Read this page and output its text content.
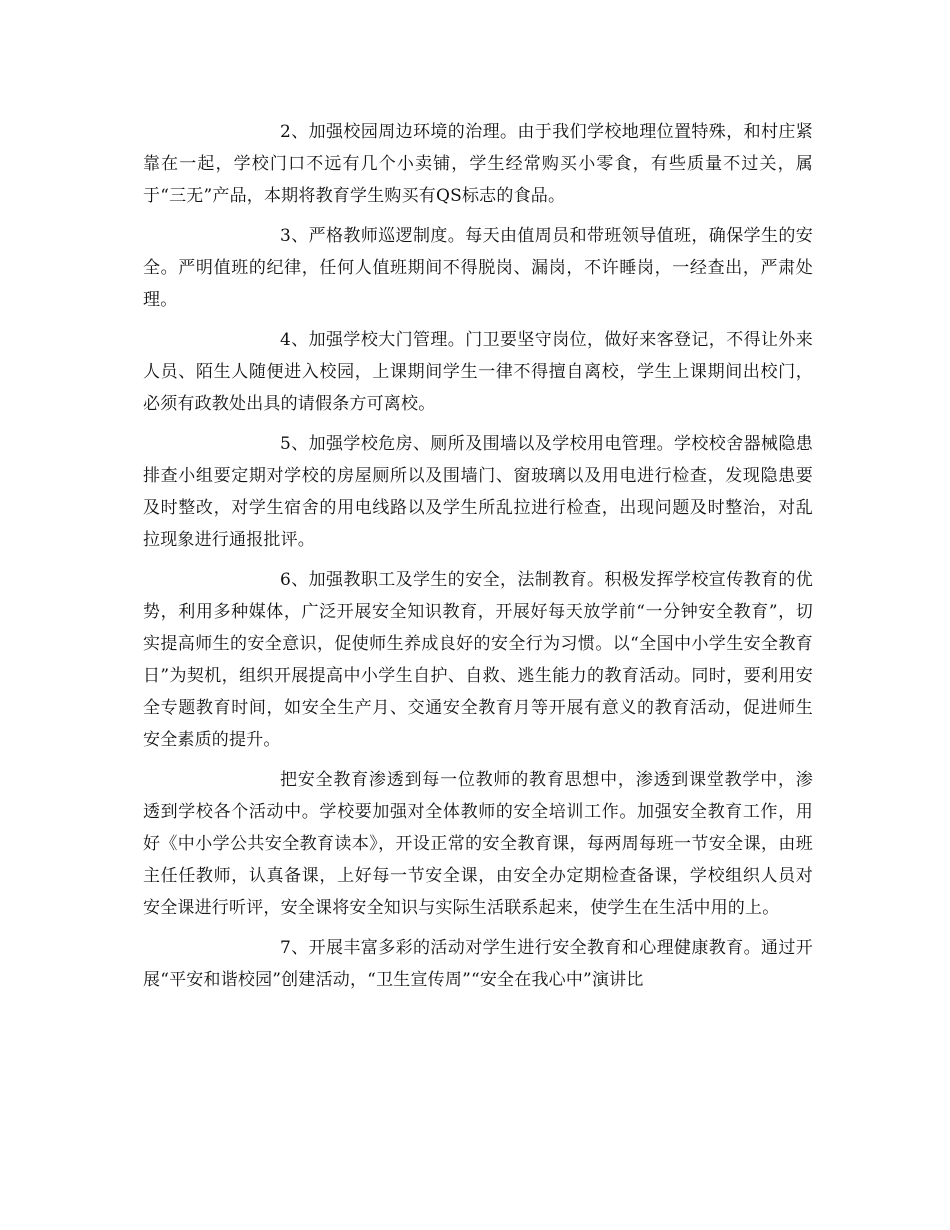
2、加强校园周边环境的治理。由于我们学校地理位置特殊，和村庄紧靠在一起，学校门口不远有几个小卖铺，学生经常购买小零食，有些质量不过关，属于“三无”产品，本期将教育学生购买有QS标志的食品。

3、严格教师巡逻制度。每天由值周员和带班领导值班，确保学生的安全。严明值班的纪律，任何人值班期间不得脱岗、漏岗，不许睡岗，一经查出，严肃处理。

4、加强学校大门管理。门卫要坚守岗位，做好来客登记，不得让外来人员、陌生人随便进入校园，上课期间学生一律不得擅自离校，学生上课期间出校门，必须有政教处出具的请假条方可离校。

5、加强学校危房、厕所及围墙以及学校用电管理。学校校舍器械隐患排查小组要定期对学校的房屋厕所以及围墙门、窗玻璃以及用电进行检查，发现隐患要及时整改，对学生宿舍的用电线路以及学生所乱拉进行检查，出现问题及时整治，对乱拉现象进行通报批评。

6、加强教职工及学生的安全，法制教育。积极发挥学校宣传教育的优势，利用多种媒体，广泛开展安全知识教育，开展好每天放学前“一分钟安全教育”，切实提高师生的安全意识，促使师生养成良好的安全行为习惯。以“全国中小学生安全教育日”为契机，组织开展提高中小学生自护、自救、逃生能力的教育活动。同时，要利用安全专题教育时间，如安全生产月、交通安全教育月等开展有意义的教育活动，促进师生安全素质的提升。

把安全教育渗透到每一位教师的教育思想中，渗透到课堂教学中，渗透到学校各个活动中。学校要加强对全体教师的安全培训工作。加强安全教育工作，用好《中小学公共安全教育读本》，开设正常的安全教育课，每两周每班一节安全课，由班主任任教师，认真备课，上好每一节安全课，由安全办定期检查备课，学校组织人员对安全课进行听评，安全课将安全知识与实际生活联系起来，使学生在生活中用的上。

7、开展丰富多彩的活动对学生进行安全教育和心理健康教育。通过开展“平安和谐校园”创建活动，“卫生宣传周”“安全在我心中”演讲比
